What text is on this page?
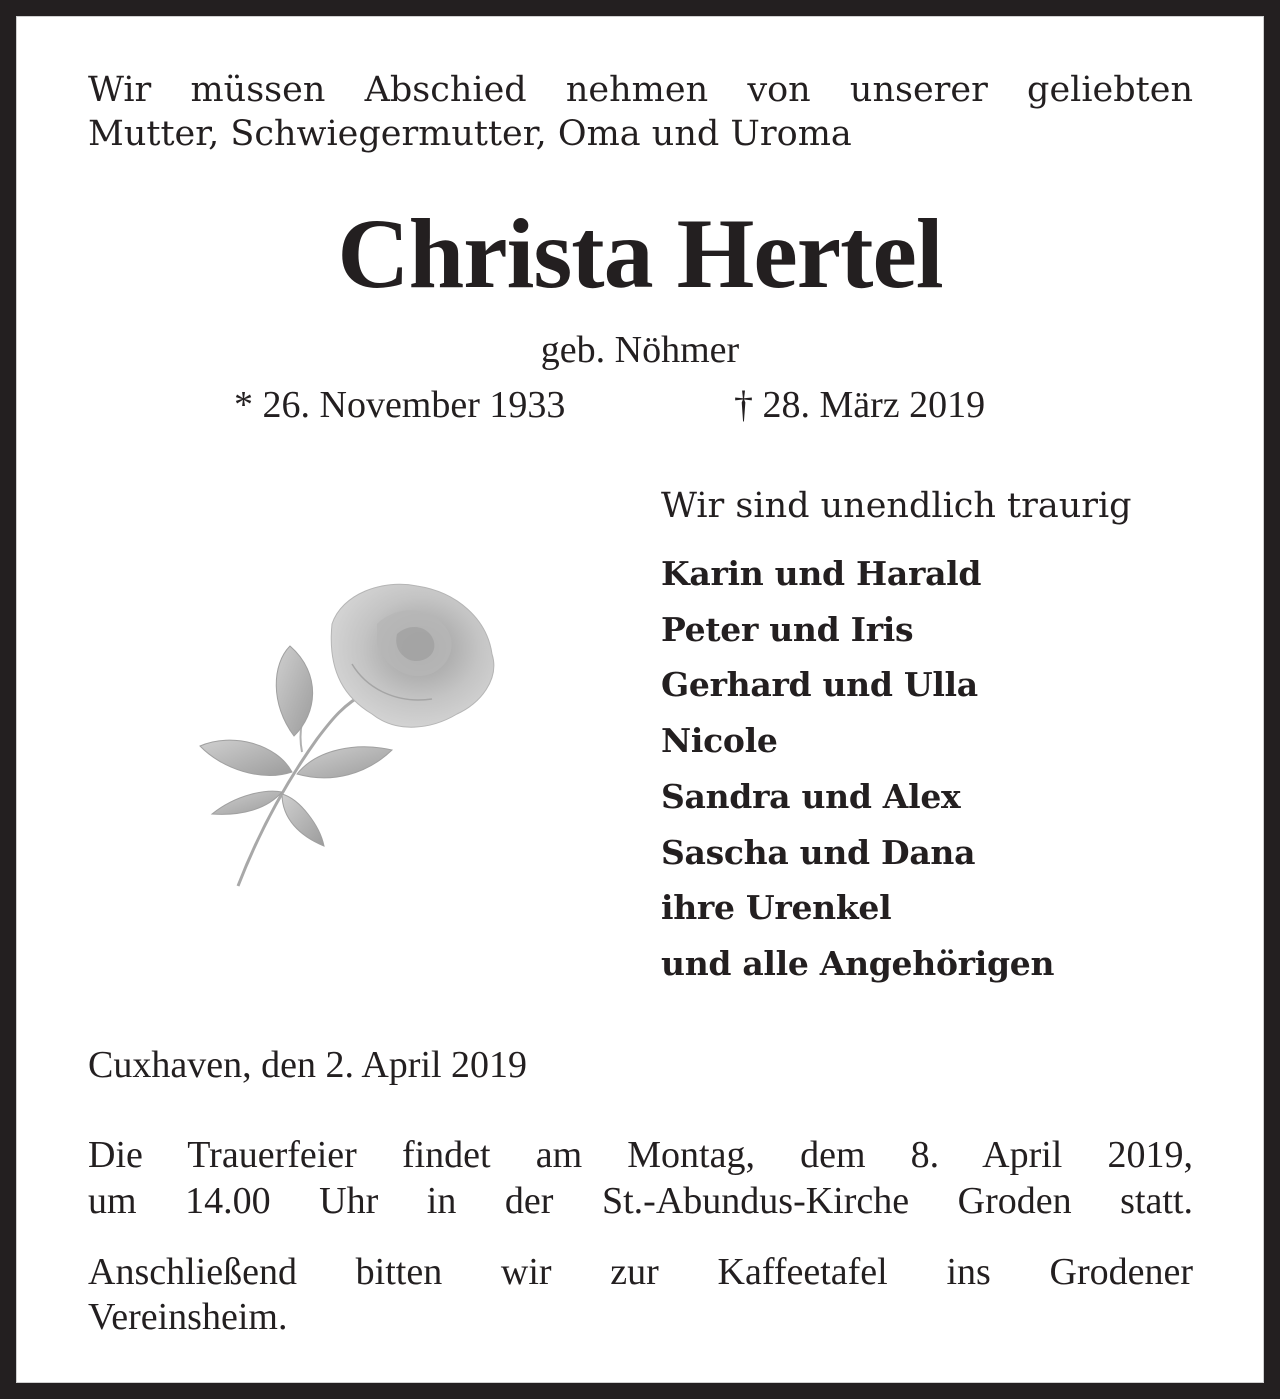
Wir müssen Abschied nehmen von unserer geliebten
Mutter, Schwiegermutter, Oma und Uroma
Christa Hertel
geb. Nöhmer
* 26. November 1933	† 28. März 2019
Wir sind unendlich traurig
Karin und Harald
Peter und Iris
Gerhard und Ulla
Nicole
Sandra und Alex
Sascha und Dana
ihre Urenkel
und alle Angehörigen
Cuxhaven, den 2. April 2019
Die Trauerfeier findet am Montag, dem 8. April 2019,
um 14.00 Uhr in der St.-Abundus-Kirche Groden statt.
Anschließend bitten wir zur Kaffeetafel ins Grodener
Vereinsheim.
